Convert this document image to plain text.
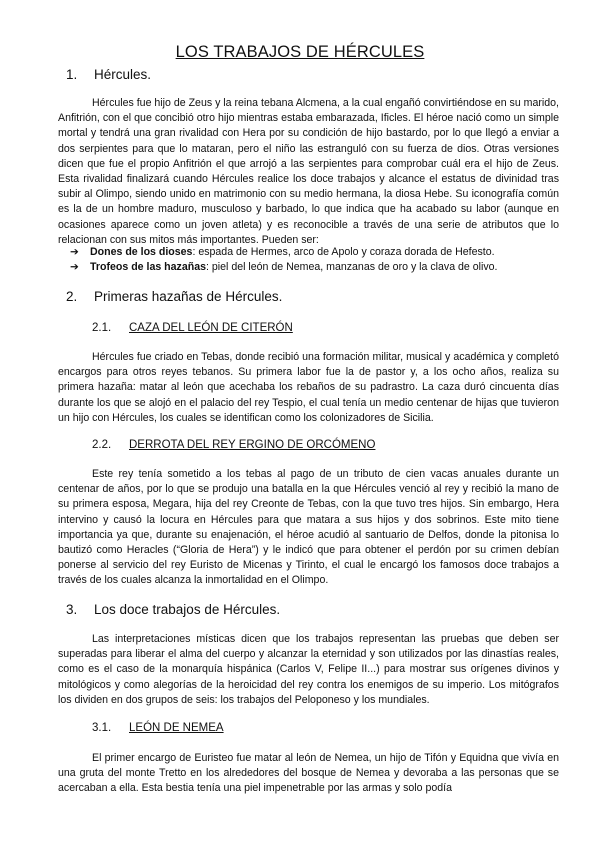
LOS TRABAJOS DE HÉRCULES
1. Hércules.

Hércules fue hijo de Zeus y la reina tebana Alcmena, a la cual engañó convirtiéndose en su marido, Anfitrión, con el que concibió otro hijo mientras estaba embarazada, Ificles. El héroe nació como un simple mortal y tendrá una gran rivalidad con Hera por su condición de hijo bastardo, por lo que llegó a enviar a dos serpientes para que lo mataran, pero el niño las estranguló con su fuerza de dios. Otras versiones dicen que fue el propio Anfitrión el que arrojó a las serpientes para comprobar cuál era el hijo de Zeus. Esta rivalidad finalizará cuando Hércules realice los doce trabajos y alcance el estatus de divinidad tras subir al Olimpo, siendo unido en matrimonio con su medio hermana, la diosa Hebe. Su iconografía común es la de un hombre maduro, musculoso y barbado, lo que indica que ha acabado su labor (aunque en ocasiones aparece como un joven atleta) y es reconocible a través de una serie de atributos que lo relacionan con sus mitos más importantes. Pueden ser:

➔	Dones de los dioses: espada de Hermes, arco de Apolo y coraza dorada de Hefesto.
➔	Trofeos de las hazañas: piel del león de Nemea, manzanas de oro y la clava de olivo.
2. Primeras hazañas de Hércules.
2.1. CAZA DEL LEÓN DE CITERÓN

Hércules fue criado en Tebas, donde recibió una formación militar, musical y académica y completó encargos para otros reyes tebanos. Su primera labor fue la de pastor y, a los ocho años, realiza su primera hazaña: matar al león que acechaba los rebaños de su padrastro. La caza duró cincuenta días durante los que se alojó en el palacio del rey Tespio, el cual tenía un medio centenar de hijas que tuvieron un hijo con Hércules, los cuales se identifican como los colonizadores de Sicilia.

2.2. DERROTA DEL REY ERGINO DE ORCÓMENO

Este rey tenía sometido a los tebas al pago de un tributo de cien vacas anuales durante un centenar de años, por lo que se produjo una batalla en la que Hércules venció al rey y recibió la mano de su primera esposa, Megara, hija del rey Creonte de Tebas, con la que tuvo tres hijos. Sin embargo, Hera intervino y causó la locura en Hércules para que matara a sus hijos y dos sobrinos. Este mito tiene importancia ya que, durante su enajenación, el héroe acudió al santuario de Delfos, donde la pitonisa lo bautizó como Heracles (“Gloria de Hera”) y le indicó que para obtener el perdón por su crimen debían ponerse al servicio del rey Euristo de Micenas y Tirinto, el cual le encargó los famosos doce trabajos a través de los cuales alcanza la inmortalidad en el Olimpo.

3. Los doce trabajos de Hércules.

Las interpretaciones místicas dicen que los trabajos representan las pruebas que deben ser superadas para liberar el alma del cuerpo y alcanzar la eternidad y son utilizados por las dinastías reales, como es el caso de la monarquía hispánica (Carlos V, Felipe II...) para mostrar sus orígenes divinos y mitológicos y como alegorías de la heroicidad del rey contra los enemigos de su imperio. Los mitógrafos los dividen en dos grupos de seis: los trabajos del Peloponeso y los mundiales.

3.1. LEÓN DE NEMEA

El primer encargo de Euristeo fue matar al león de Nemea, un hijo de Tifón y Equidna que vivía en una gruta del monte Tretto en los alrededores del bosque de Nemea y devoraba a las personas que se acercaban a ella. Esta bestia tenía una piel impenetrable por las armas y solo podía
